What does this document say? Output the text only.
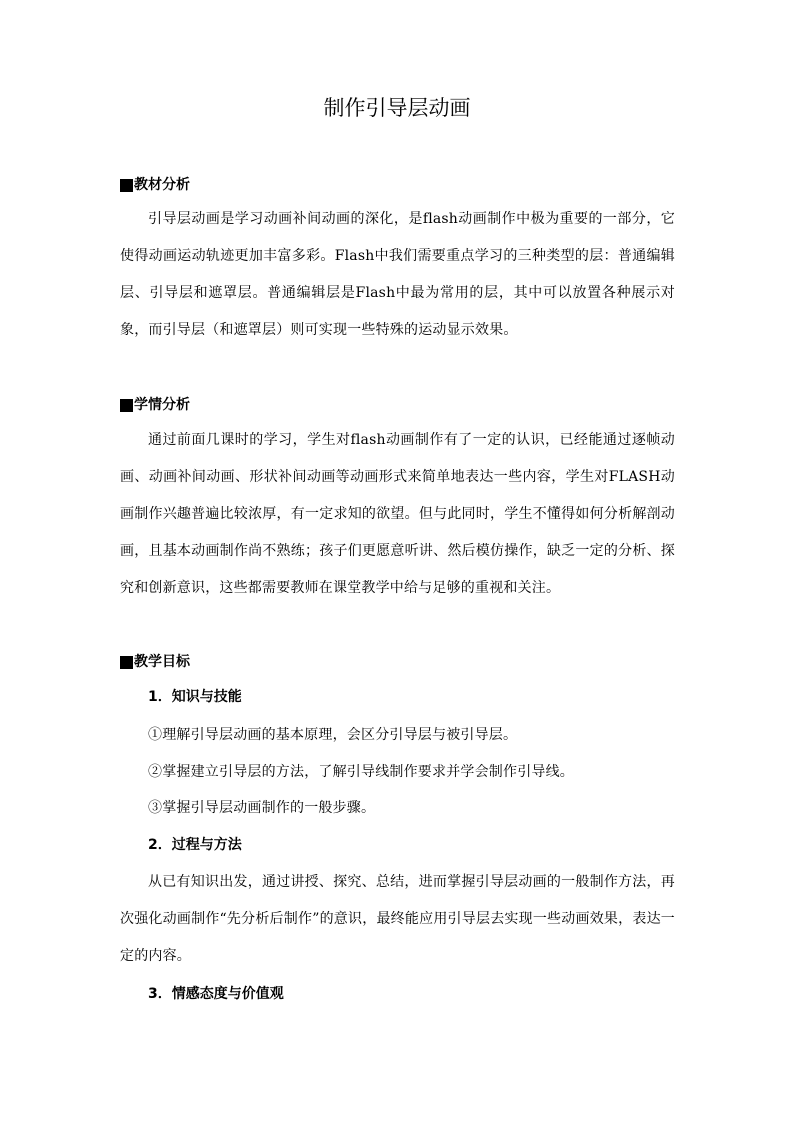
制作引导层动画
教材分析

引导层动画是学习动画补间动画的深化，是flash动画制作中极为重要的一部分，它使得动画运动轨迹更加丰富多彩。Flash中我们需要重点学习的三种类型的层：普通编辑层、引导层和遮罩层。普通编辑层是Flash中最为常用的层，其中可以放置各种展示对象，而引导层（和遮罩层）则可实现一些特殊的运动显示效果。

学情分析

通过前面几课时的学习，学生对flash动画制作有了一定的认识，已经能通过逐帧动画、动画补间动画、形状补间动画等动画形式来简单地表达一些内容，学生对FLASH动画制作兴趣普遍比较浓厚，有一定求知的欲望。但与此同时，学生不懂得如何分析解剖动画，且基本动画制作尚不熟练；孩子们更愿意听讲、然后模仿操作，缺乏一定的分析、探究和创新意识，这些都需要教师在课堂教学中给与足够的重视和关注。

教学目标
1．知识与技能
①理解引导层动画的基本原理，会区分引导层与被引导层。
②掌握建立引导层的方法，了解引导线制作要求并学会制作引导线。
③掌握引导层动画制作的一般步骤。
2．过程与方法

从已有知识出发，通过讲授、探究、总结，进而掌握引导层动画的一般制作方法，再次强化动画制作“先分析后制作”的意识，最终能应用引导层去实现一些动画效果，表达一定的内容。

3．情感态度与价值观
